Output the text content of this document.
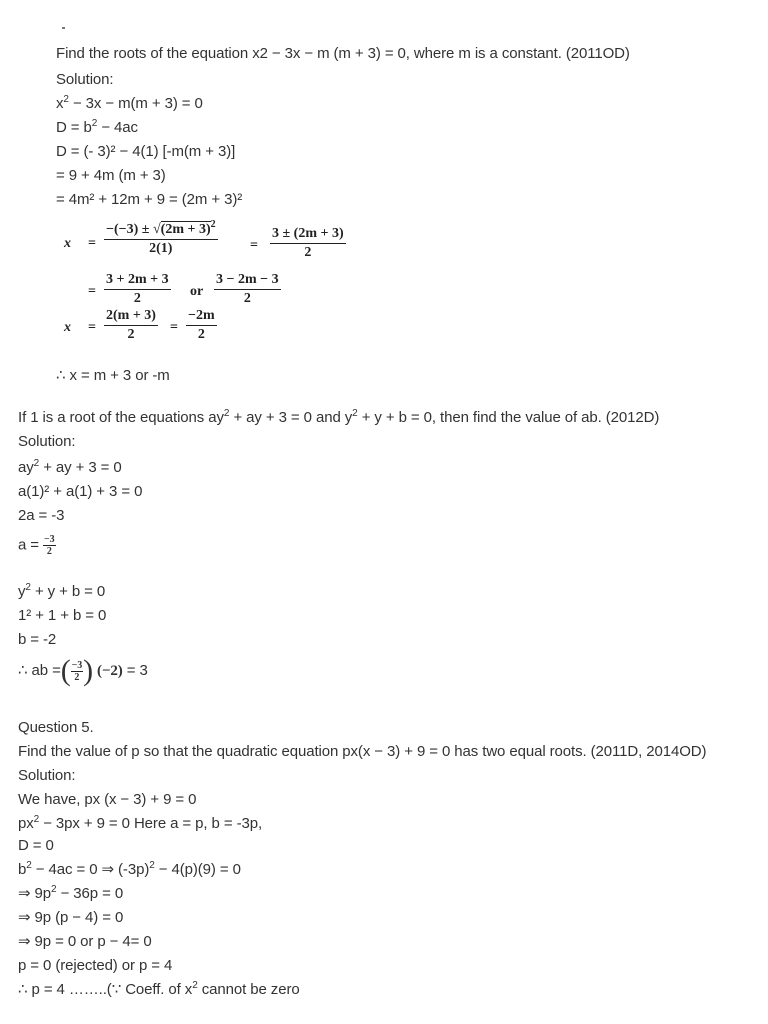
Find the roots of the equation x2 − 3x − m (m + 3) = 0, where m is a constant. (2011OD)
Solution:
$x^2 - 3x - m(m + 3) = 0$
$D = b^2 - 4ac$
D = (- 3)² − 4(1) [-m(m + 3)]
= 9 + 4m (m + 3)
= 4m² + 12m + 9 = (2m + 3)²
$x = \frac{-(-3) \pm √(2m + 3)^2}{2(1)} = \frac{3 \pm (2m + 3)}{2}$
= $\frac{3 + 2m + 3}{2}$ or $\frac{3 - 2m - 3}{2}$
$x = \frac{2(m + 3)}{2} = \frac{-2m}{2}$
∴ x = m + 3 or -m
If 1 is a root of the equations $ay^2$ + ay + 3 = 0 and $y^2 + y + b = 0$, then find the value of ab. (2012D)
Solution:
$ay^2$ + ay + 3 = 0
a(1)² + a(1) + 3 = 0
2a = -3
$a = \frac{-3}{2}$
$y^2 + y + b = 0$
1² + 1 + b = 0
b = -2
∴ ab =( $\frac{-3}{2}$ ) (−2) = 3
Question 5.
Find the value of p so that the quadratic equation px(x − 3) + 9 = 0 has two equal roots. (2011D, 2014OD)
Solution:
We have, px (x − 3) + 9 = 0
$px^2 - 3px + 9 = 0$ Here a = p, b = -3p,
D = 0
$b^2 - 4ac = 0$ ⇒ $(-3p)^2 - 4(p)(9) = 0$
⇒ $9p^2 - 36p = 0$
⇒ 9p (p − 4) = 0
⇒ 9p = 0 or p − 4= 0
p = 0 (rejected) or p = 4
∴ p = 4 ……..(∵ Coeff. of $x^2$ cannot be zero
